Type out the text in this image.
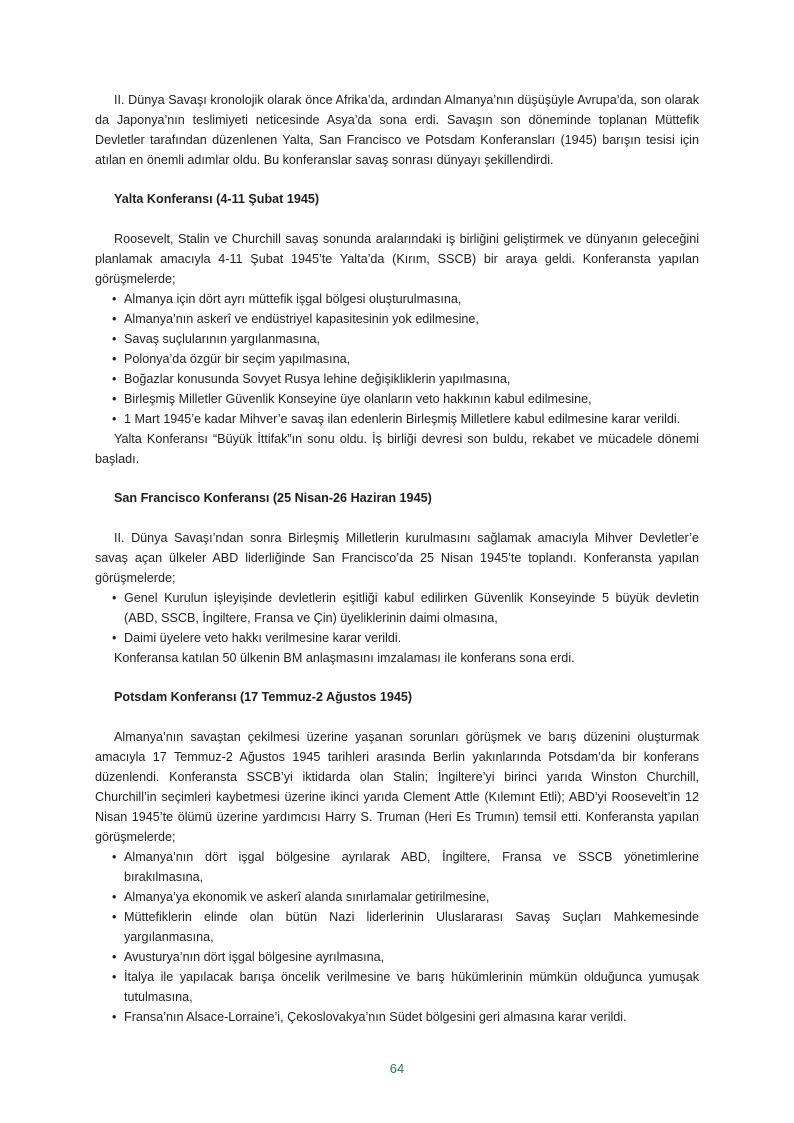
II. Dünya Savaşı kronolojik olarak önce Afrika’da, ardından Almanya’nın düşüşüyle Avrupa’da, son olarak da Japonya’nın teslimiyeti neticesinde Asya’da sona erdi. Savaşın son döneminde toplanan Müttefik Devletler tarafından düzenlenen Yalta, San Francisco ve Potsdam Konferansları (1945) barışın tesisi için atılan en önemli adımlar oldu. Bu konferanslar savaş sonrası dünyayı şekillendirdi.

Yalta Konferansı (4-11 Şubat 1945)

Roosevelt, Stalin ve Churchill savaş sonunda aralarındaki iş birliğini geliştirmek ve dünyanın geleceğini planlamak amacıyla 4-11 Şubat 1945’te Yalta’da (Kırım, SSCB) bir araya geldi. Konferansta yapılan görüşmelerde;

• Almanya için dört ayrı müttefik işgal bölgesi oluşturulmasına,
• Almanya’nın askerî ve endüstriyel kapasitesinin yok edilmesine,
• Savaş suçlularının yargılanmasına,
• Polonya’da özgür bir seçim yapılmasına,
• Boğazlar konusunda Sovyet Rusya lehine değişikliklerin yapılmasına,
• Birleşmiş Milletler Güvenlik Konseyine üye olanların veto hakkının kabul edilmesine,
• 1 Mart 1945’e kadar Mihver’e savaş ilan edenlerin Birleşmiş Milletlere kabul edilmesine karar verildi.

Yalta Konferansı “Büyük İttifak”ın sonu oldu. İş birliği devresi son buldu, rekabet ve mücadele dönemi başladı.

San Francisco Konferansı (25 Nisan-26 Haziran 1945)

II. Dünya Savaşı’ndan sonra Birleşmiş Milletlerin kurulmasını sağlamak amacıyla Mihver Devletler’e savaş açan ülkeler ABD liderliğinde San Francisco’da 25 Nisan 1945’te toplandı. Konferansta yapılan görüşmelerde;

• Genel Kurulun işleyişinde devletlerin eşitliği kabul edilirken Güvenlik Konseyinde 5 büyük devletin (ABD, SSCB, İngiltere, Fransa ve Çin) üyeliklerinin daimi olmasına,
• Daimi üyelere veto hakkı verilmesine karar verildi.

Konferansa katılan 50 ülkenin BM anlaşmasını imzalaması ile konferans sona erdi.

Potsdam Konferansı (17 Temmuz-2 Ağustos 1945)

Almanya’nın savaştan çekilmesi üzerine yaşanan sorunları görüşmek ve barış düzenini oluşturmak amacıyla 17 Temmuz-2 Ağustos 1945 tarihleri arasında Berlin yakınlarında Potsdam’da bir konferans düzenlendi. Konferansta SSCB’yi iktidarda olan Stalin; İngiltere’yi birinci yarıda Winston Churchill, Churchill’in seçimleri kaybetmesi üzerine ikinci yarıda Clement Attle (Kılemınt Etli); ABD’yi Roosevelt’in 12 Nisan 1945’te ölümü üzerine yardımcısı Harry S. Truman (Heri Es Trumın) temsil etti. Konferansta yapılan görüşmelerde;

• Almanya’nın dört işgal bölgesine ayrılarak ABD, İngiltere, Fransa ve SSCB yönetimlerine bırakılmasına,
• Almanya’ya ekonomik ve askerî alanda sınırlamalar getirilmesine,
• Müttefiklerin elinde olan bütün Nazi liderlerinin Uluslararası Savaş Suçları Mahkemesinde yargılanmasına,
• Avusturya’nın dört işgal bölgesine ayrılmasına,
• İtalya ile yapılacak barışa öncelik verilmesine ve barış hükümlerinin mümkün olduğunca yumuşak tutulmasına,
• Fransa’nın Alsace-Lorraine’i, Çekoslovakya’nın Südet bölgesini geri almasına karar verildi.
64
